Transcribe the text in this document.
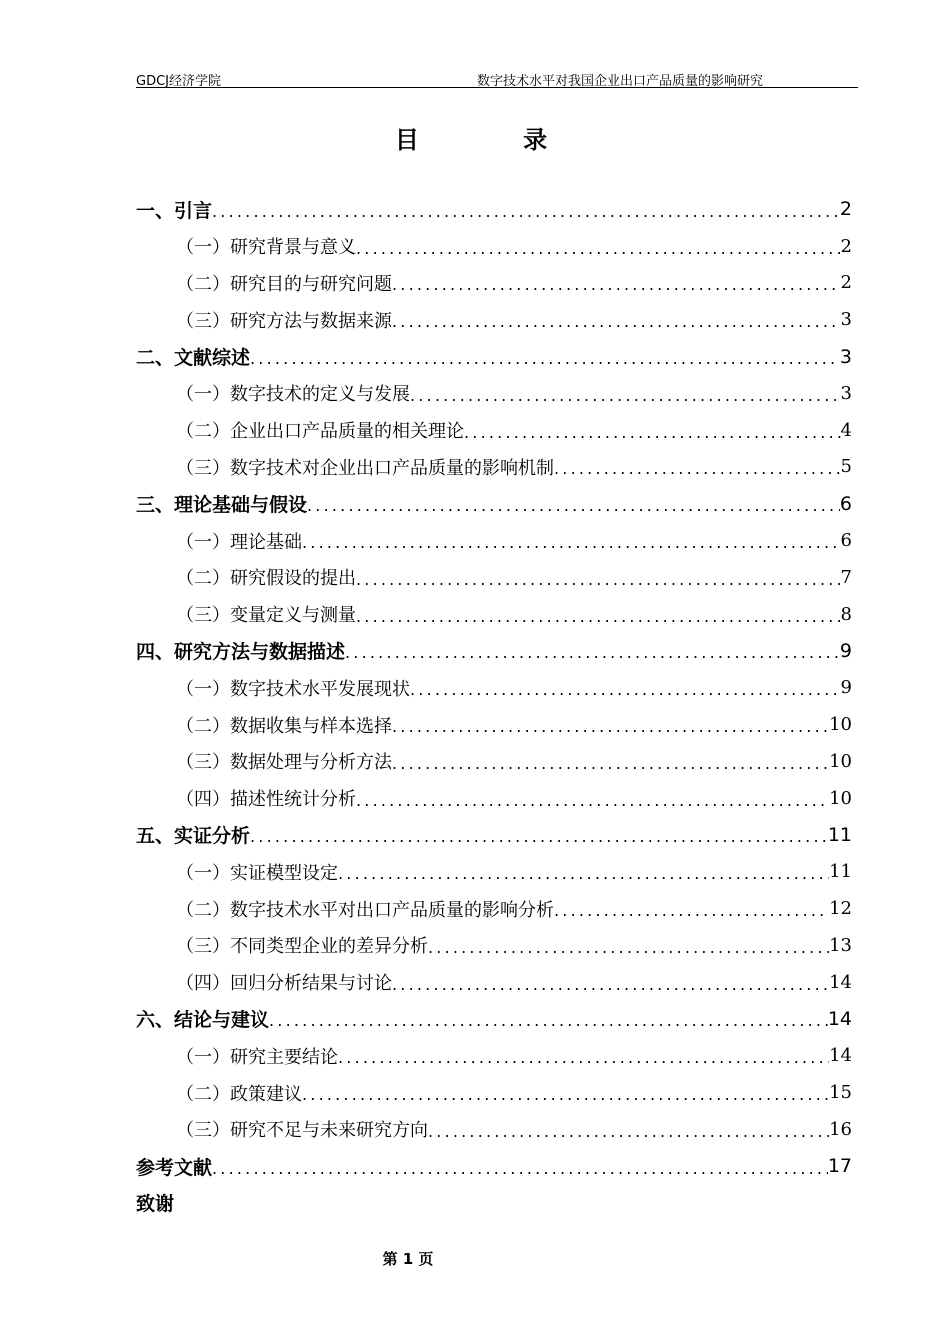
GDCJ经济学院	数字技术水平对我国企业出口产品质量的影响研究
目 录
一、引言 .....	2
（一）研究背景与意义 .....	2
（二）研究目的与研究问题 .....	2
（三）研究方法与数据来源 .....	3
二、文献综述 .....	3
（一）数字技术的定义与发展 .....	3
（二）企业出口产品质量的相关理论 .....	4
（三）数字技术对企业出口产品质量的影响机制 .....	5
三、理论基础与假设 .....	6
（一）理论基础 .....	6
（二）研究假设的提出 .....	7
（三）变量定义与测量 .....	8
四、研究方法与数据描述 .....	9
（一）数字技术水平发展现状 .....	9
（二）数据收集与样本选择 .....	10
（三）数据处理与分析方法 .....	10
（四）描述性统计分析 .....	10
五、实证分析 .....	11
（一）实证模型设定 .....	11
（二）数字技术水平对出口产品质量的影响分析 .....	12
（三）不同类型企业的差异分析 .....	13
（四）回归分析结果与讨论 .....	14
六、结论与建议 .....	14
（一）研究主要结论 .....	14
（二）政策建议 .....	15
（三）研究不足与未来研究方向 .....	16
参考文献 .....	17
致谢
第 1 页
